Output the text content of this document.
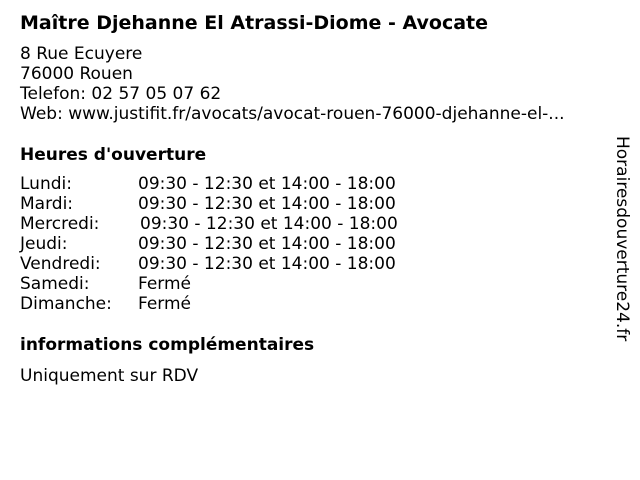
Maître Djehanne El Atrassi-Diome - Avocate
8 Rue Ecuyere
76000 Rouen
Telefon: 02 57 05 07 62
Web: www.justifit.fr/avocats/avocat-rouen-76000-djehanne-el-...
Heures d'ouverture
Lundi:	09:30 - 12:30 et 14:00 - 18:00
Mardi:	09:30 - 12:30 et 14:00 - 18:00
Mercredi: 09:30 - 12:30 et 14:00 - 18:00
Jeudi:	09:30 - 12:30 et 14:00 - 18:00
Vendredi: 09:30 - 12:30 et 14:00 - 18:00
Samedi:	Fermé
Dimanche: Fermé
informations complémentaires
Uniquement sur RDV
Horairesdouverture24.fr
